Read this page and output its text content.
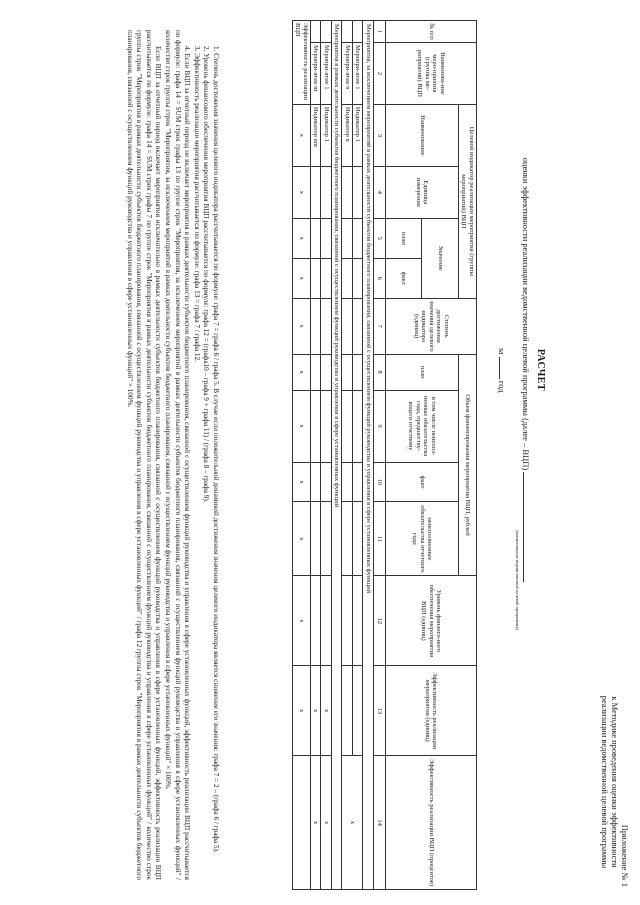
Приложение № 1
к Методике проведения оценки эффективности
реализации ведомственной целевой программы
РАСЧЕТ
оценки эффективности реализации ведомственной целевой программы (далее – ВЦП)
(наименование ведомственной целевой программы)
за  год
№ п/п	Наименова-ние меро-приятия (группы ме-роприятий) ВЦП	Целевой индикатор реализации мероприятия (группы мероприятий) ВЦП				Степень достижения значения целевого индикатора (единиц)	Объем финансирования мероприятия ВЦП, рублей				Уровень финансо-вого обеспечения мероприятия ВЦП (единиц)	Эффективность реализации мероприятия (единиц)	Эффективность реализации ВЦП (процентов)
		Наименование	Единица измерения	Значение			план	в том числе неиспол-ненные обязательства года, предшеству-ющего отчетному	факт	неисполненные обязательства отчетного года			
				план	факт								
1	2	3	4	5	6	7	8	9	10	11	12	13	14
Мероприятия, за исключением мероприятий в рамках деятельности субъектов бюджетного планирования, связанной с осуществлением функций руководства и управления в сфере установленных функций													
	Меропри-ятие 1	Индикатор 1											x
	Меропри-ятие n	Индикатор n											
Мероприятия в рамках деятельности субъектов бюджетного планирования, связанной с осуществлением функций руководства и управления в сфере установленных функций													
	Меропри-ятие 1	Индикатор 1										x	x
	Меропри-ятие m	Индикатор nm										x	x
Эффективность реализации ВЦП		x	x	x	x	x	x	x	x	x	x	x	

1. Степень достижения значения целевого индикатора рассчитывается по формуле: графа 7 = графа 6 / графа 5. В случае если положительной динамикой достижения значения целевого индикатора является снижение его значения: графа 7 = 2 – (графа 6 / графа 5).

2. Уровень финансового обеспечения мероприятия ВЦП рассчитывается по формуле: графа 12 = (графа10 – графа 9 + графа 11) / (графа 8 – графа 9).

3. Эффективность реализации мероприятия рассчитывается по формуле: графа 13 = графа 7 / графа 12.

4. Если ВЦП за отчетный период не включает мероприятия в рамках деятельности субъектов бюджетного планирования, связанной с осуществлением функций руководства и управления в сфере установленных функций, эффективность реализации ВЦП рассчитывается по формуле: графа 14 = SUM строк графы 13 по группе строк "Мероприятия, за исключением мероприятий в рамках деятельности субъектов бюджетного планирования, связанной с осуществлением функций руководства и управления в сфере установленных функций" / количество строк группы строк "Мероприятия, за исключением мероприятий в рамках деятельности субъектов бюджетного планирования, связанной с осуществлением функций руководства и управления в сфере установленных функций" × 100%.

Если ВЦП за отчетный период включает мероприятия исключительно в рамках деятельности субъектов бюджетного планирования, связанной с осуществлением функций руководства и управления в сфере установленных функций, эффективность реализации ВЦП рассчитывается по формуле: графа 14 = SUM строк графы 7 по группе строк "Мероприятия в рамках деятельности субъектов бюджетного планирования, связанной с осуществлением функций руководства и управления в сфере установленных функций" / количество строк группы строк "Мероприятия в рамках деятельности субъектов бюджетного планирования, связанной с осуществлением функций руководства и управления в сфере установленных функций" / графа 12 группы строк "Мероприятия в рамках деятельности субъектов бюджетного планирования, связанной с осуществлением функций руководства и управления в сфере установленных функций" × 100%.
